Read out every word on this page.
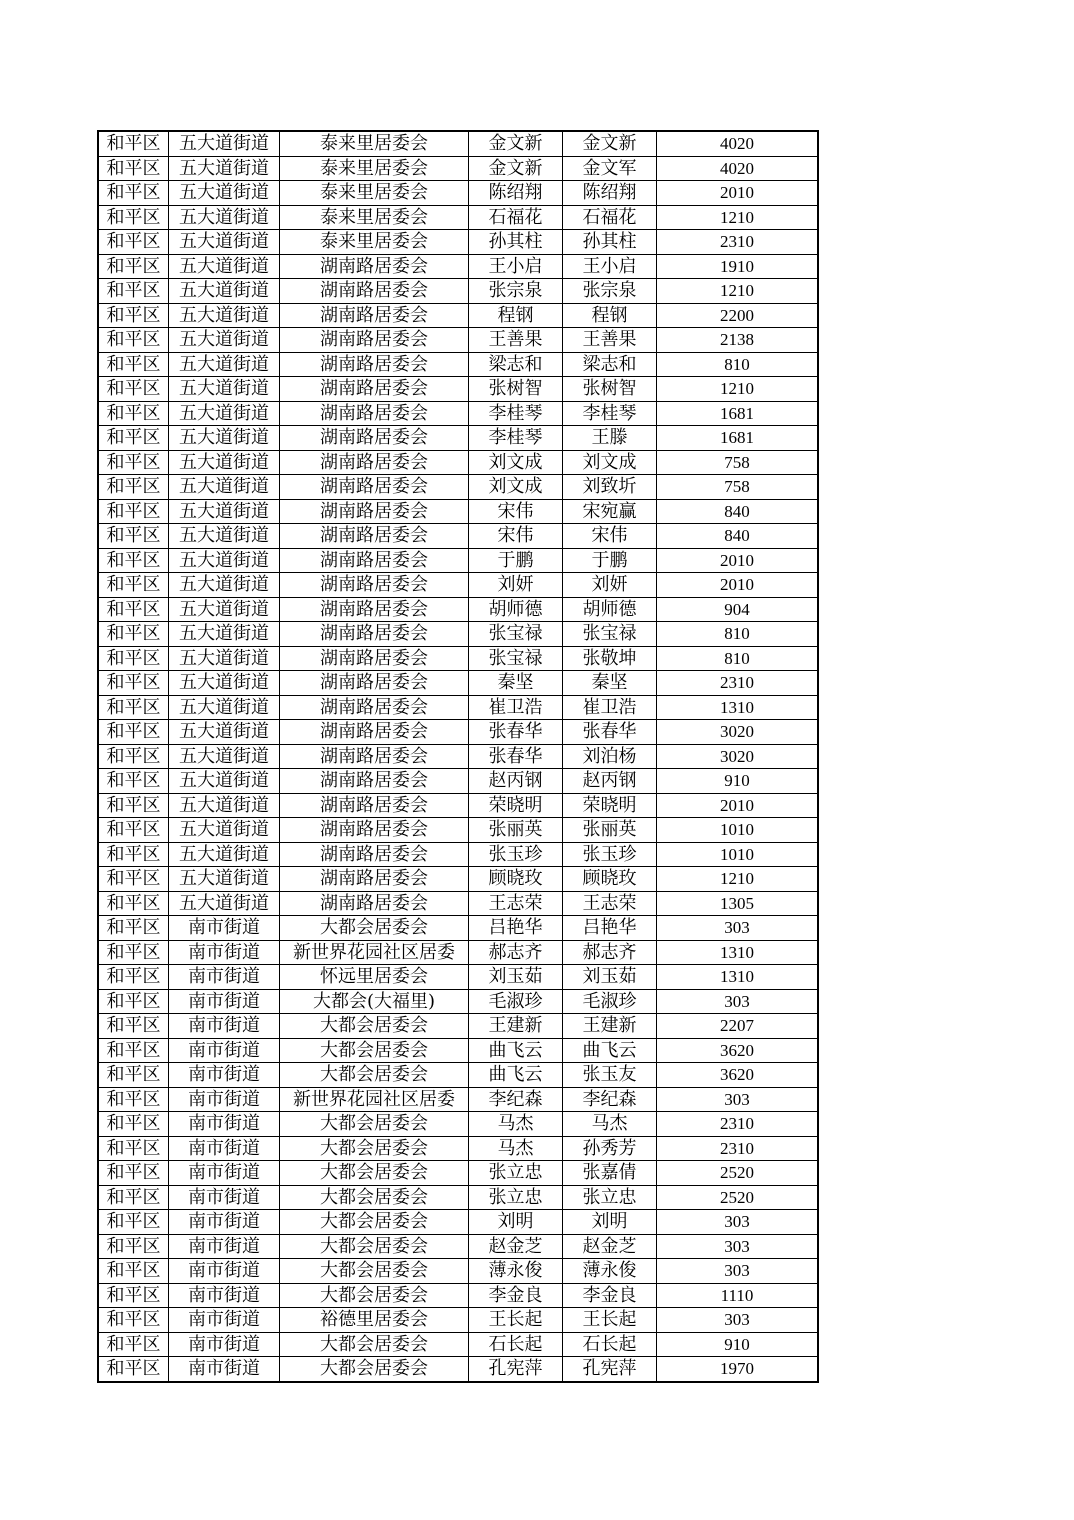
和平区	五大道街道	泰来里居委会	金文新	金文新	4020
和平区	五大道街道	泰来里居委会	金文新	金文军	4020
和平区	五大道街道	泰来里居委会	陈绍翔	陈绍翔	2010
和平区	五大道街道	泰来里居委会	石福花	石福花	1210
和平区	五大道街道	泰来里居委会	孙其柱	孙其柱	2310
和平区	五大道街道	湖南路居委会	王小启	王小启	1910
和平区	五大道街道	湖南路居委会	张宗泉	张宗泉	1210
和平区	五大道街道	湖南路居委会	程钢	程钢	2200
和平区	五大道街道	湖南路居委会	王善果	王善果	2138
和平区	五大道街道	湖南路居委会	梁志和	梁志和	810
和平区	五大道街道	湖南路居委会	张树智	张树智	1210
和平区	五大道街道	湖南路居委会	李桂琴	李桂琴	1681
和平区	五大道街道	湖南路居委会	李桂琴	王滕	1681
和平区	五大道街道	湖南路居委会	刘文成	刘文成	758
和平区	五大道街道	湖南路居委会	刘文成	刘致圻	758
和平区	五大道街道	湖南路居委会	宋伟	宋宛赢	840
和平区	五大道街道	湖南路居委会	宋伟	宋伟	840
和平区	五大道街道	湖南路居委会	于鹏	于鹏	2010
和平区	五大道街道	湖南路居委会	刘妍	刘妍	2010
和平区	五大道街道	湖南路居委会	胡师德	胡师德	904
和平区	五大道街道	湖南路居委会	张宝禄	张宝禄	810
和平区	五大道街道	湖南路居委会	张宝禄	张敬坤	810
和平区	五大道街道	湖南路居委会	秦坚	秦坚	2310
和平区	五大道街道	湖南路居委会	崔卫浩	崔卫浩	1310
和平区	五大道街道	湖南路居委会	张春华	张春华	3020
和平区	五大道街道	湖南路居委会	张春华	刘泊杨	3020
和平区	五大道街道	湖南路居委会	赵丙钢	赵丙钢	910
和平区	五大道街道	湖南路居委会	荣晓明	荣晓明	2010
和平区	五大道街道	湖南路居委会	张丽英	张丽英	1010
和平区	五大道街道	湖南路居委会	张玉珍	张玉珍	1010
和平区	五大道街道	湖南路居委会	顾晓玫	顾晓玫	1210
和平区	五大道街道	湖南路居委会	王志荣	王志荣	1305
和平区	南市街道	大都会居委会	吕艳华	吕艳华	303
和平区	南市街道	新世界花园社区居委	郝志齐	郝志齐	1310
和平区	南市街道	怀远里居委会	刘玉茹	刘玉茹	1310
和平区	南市街道	大都会(大福里)	毛淑珍	毛淑珍	303
和平区	南市街道	大都会居委会	王建新	王建新	2207
和平区	南市街道	大都会居委会	曲飞云	曲飞云	3620
和平区	南市街道	大都会居委会	曲飞云	张玉友	3620
和平区	南市街道	新世界花园社区居委	李纪森	李纪森	303
和平区	南市街道	大都会居委会	马杰	马杰	2310
和平区	南市街道	大都会居委会	马杰	孙秀芳	2310
和平区	南市街道	大都会居委会	张立忠	张嘉倩	2520
和平区	南市街道	大都会居委会	张立忠	张立忠	2520
和平区	南市街道	大都会居委会	刘明	刘明	303
和平区	南市街道	大都会居委会	赵金芝	赵金芝	303
和平区	南市街道	大都会居委会	薄永俊	薄永俊	303
和平区	南市街道	大都会居委会	李金良	李金良	1110
和平区	南市街道	裕德里居委会	王长起	王长起	303
和平区	南市街道	大都会居委会	石长起	石长起	910
和平区	南市街道	大都会居委会	孔宪萍	孔宪萍	1970
